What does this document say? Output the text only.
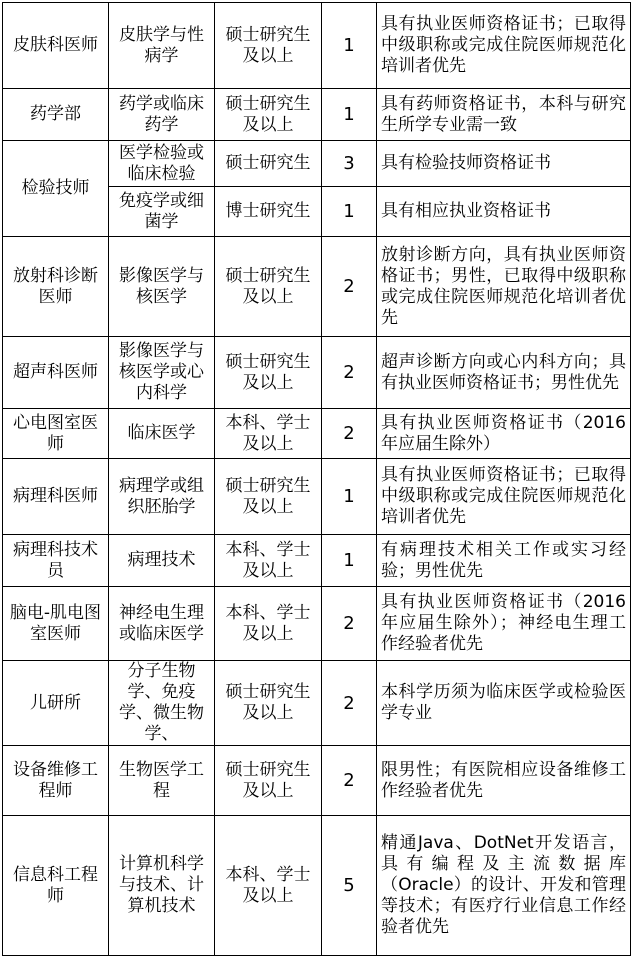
皮肤科医师	皮肤学与性病学	硕士研究生及以上	1	具有执业医师资格证书；已取得中级职称或完成住院医师规范化培训者优先
药学部	药学或临床药学	硕士研究生及以上	1	具有药师资格证书，本科与研究生所学专业需一致
检验技师	医学检验或临床检验	硕士研究生	3	具有检验技师资格证书
	免疫学或细菌学	博士研究生	1	具有相应执业资格证书
放射科诊断医师	影像医学与核医学	硕士研究生及以上	2	放射诊断方向，具有执业医师资格证书；男性，已取得中级职称或完成住院医师规范化培训者优先
超声科医师	影像医学与核医学或心内科学	硕士研究生及以上	2	超声诊断方向或心内科方向；具有执业医师资格证书；男性优先
心电图室医师	临床医学	本科、学士及以上	2	具有执业医师资格证书（2016年应届生除外）
病理科医师	病理学或组织胚胎学	硕士研究生及以上	1	具有执业医师资格证书；已取得中级职称或完成住院医师规范化培训者优先
病理科技术员	病理技术	本科、学士及以上	1	有病理技术相关工作或实习经验；男性优先
脑电-肌电图室医师	神经电生理或临床医学	本科、学士及以上	2	具有执业医师资格证书（2016年应届生除外）；神经电生理工作经验者优先
儿研所	分子生物学、免疫学、微生物学、	硕士研究生及以上	2	本科学历须为临床医学或检验医学专业
设备维修工程师	生物医学工程	硕士研究生及以上	2	限男性；有医院相应设备维修工作经验者优先
信息科工程师	计算机科学与技术、计算机技术	本科、学士及以上	5	精通Java、DotNet开发语言，具有编程及主流数据库（Oracle）的设计、开发和管理等技术；有医疗行业信息工作经验者优先
